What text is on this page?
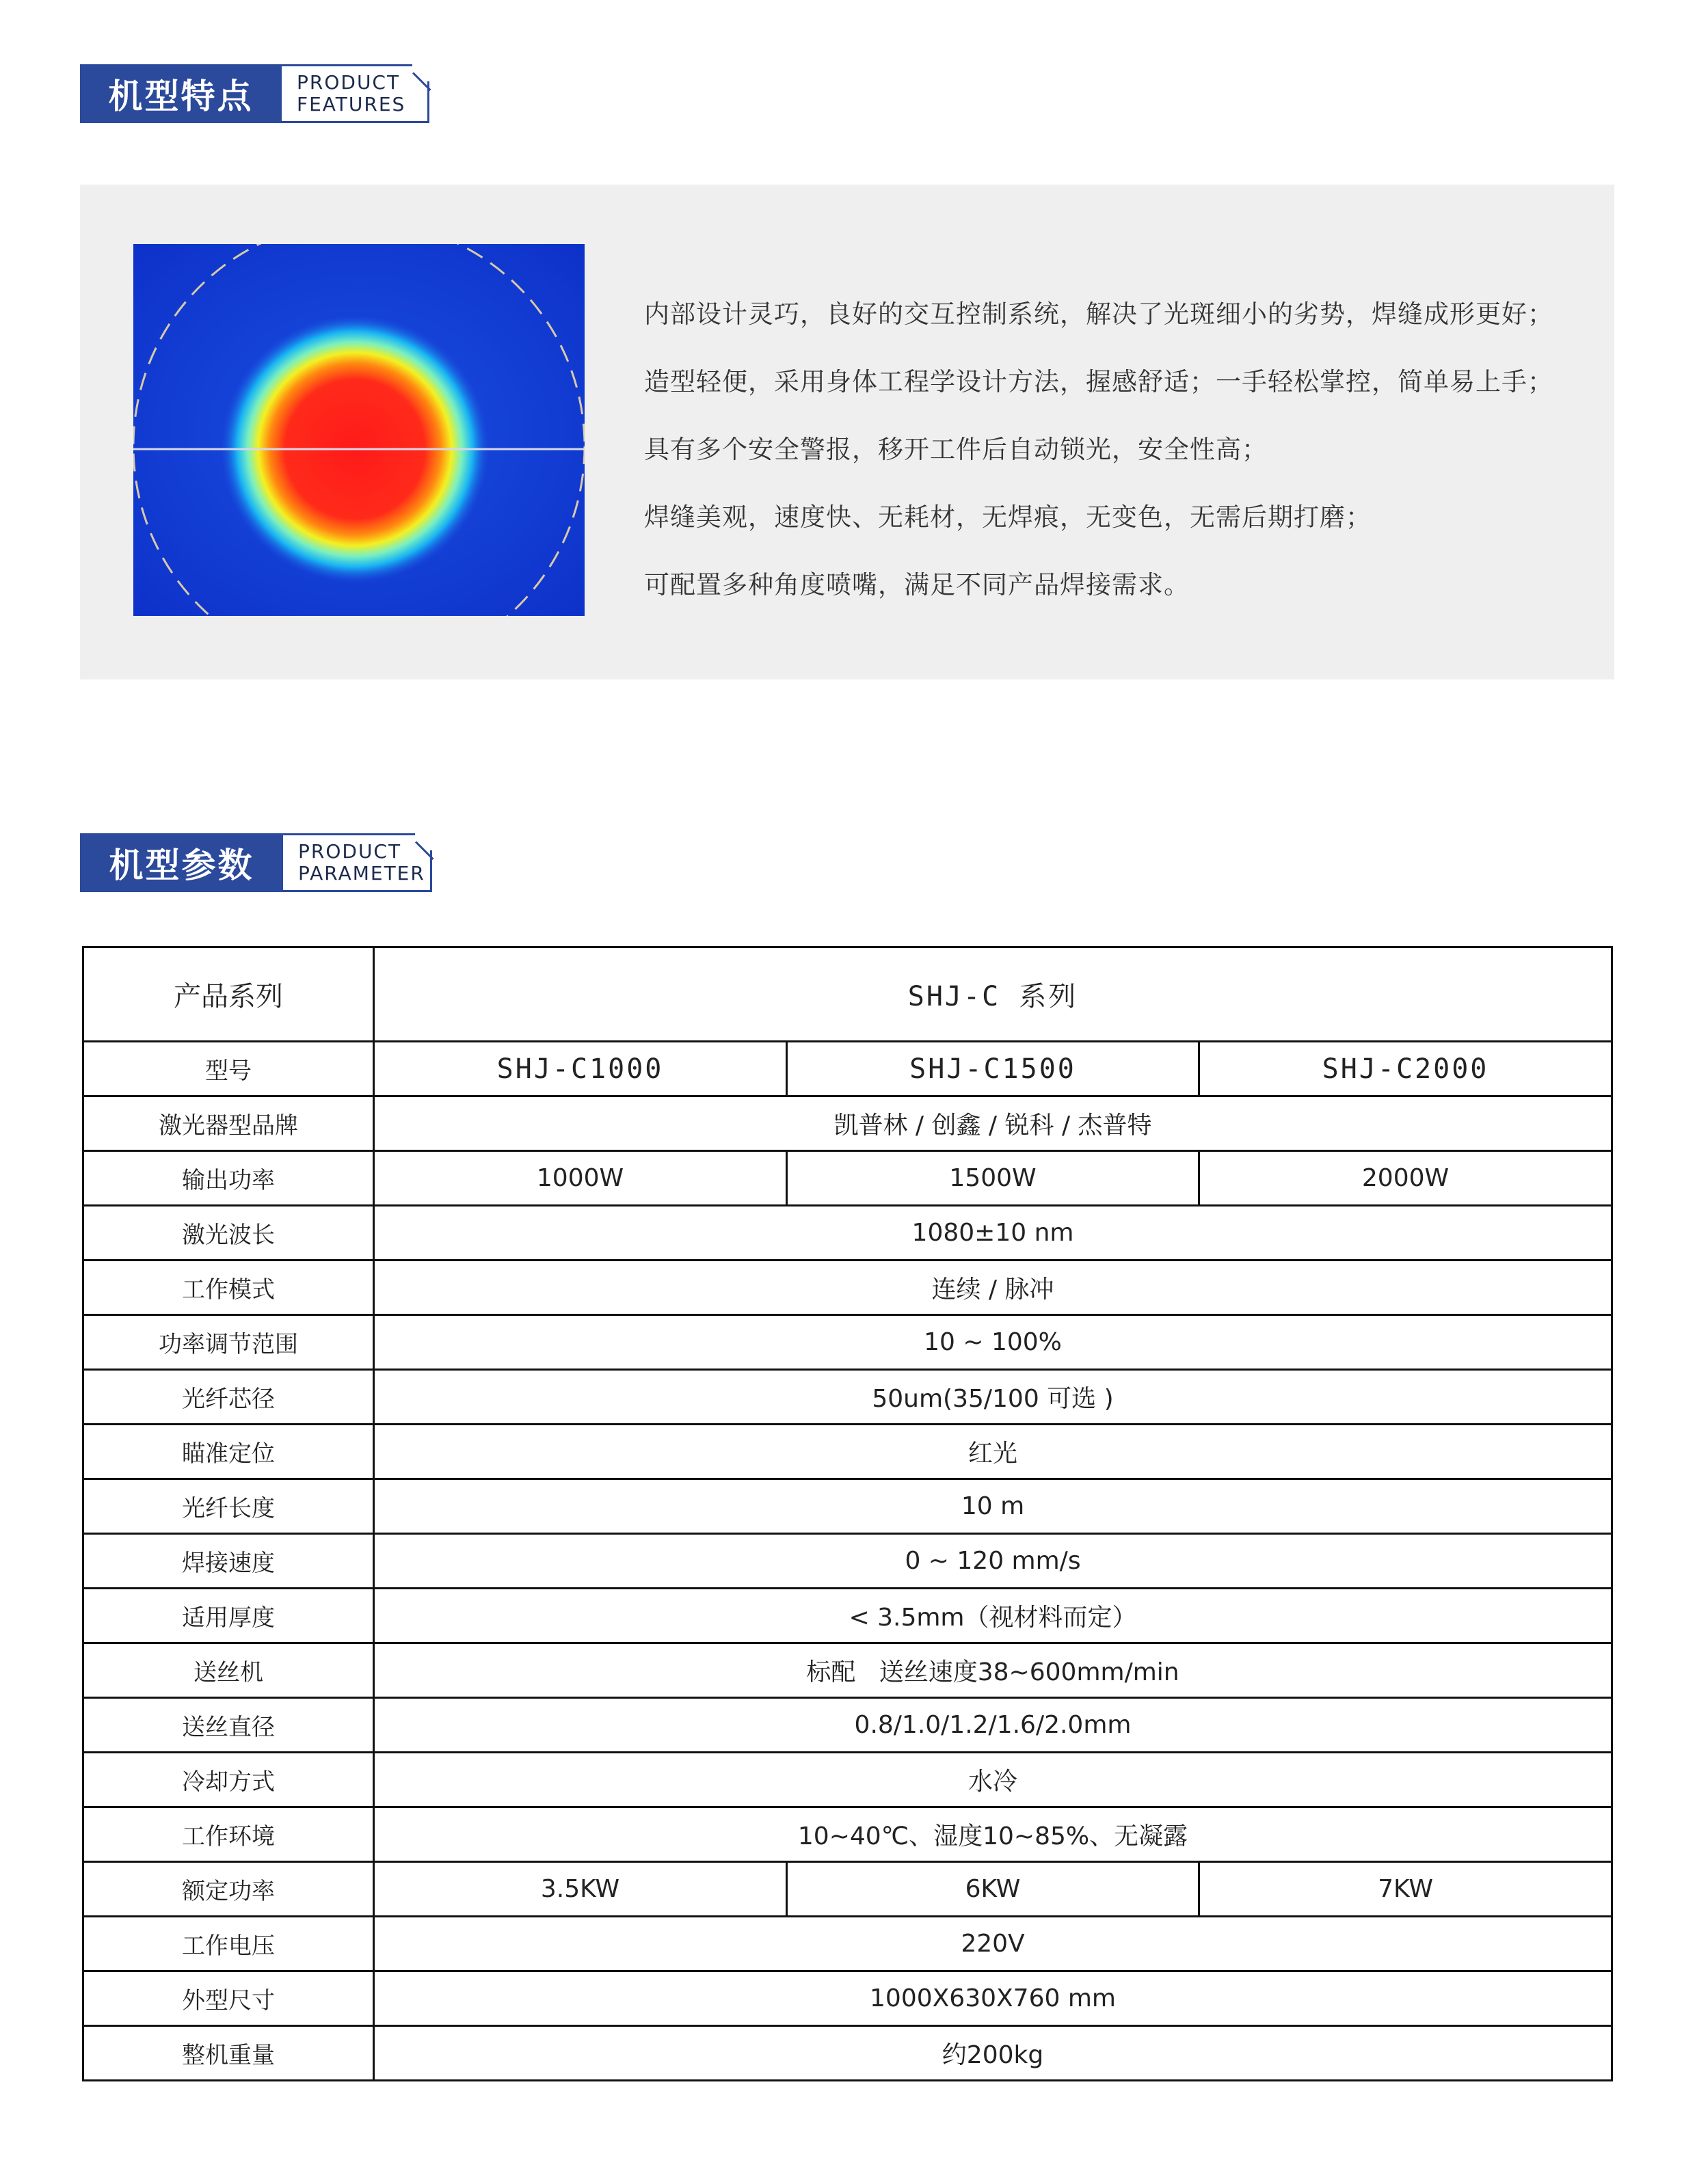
机型特点	PRODUCT
FEATURES
内部设计灵巧，良好的交互控制系统，解决了光斑细小的劣势，焊缝成形更好；
造型轻便，采用身体工程学设计方法，握感舒适；一手轻松掌控，简单易上手；
具有多个安全警报，移开工件后自动锁光，安全性高；
焊缝美观，速度快、无耗材，无焊痕，无变色，无需后期打磨；
可配置多种角度喷嘴，满足不同产品焊接需求。
机型参数	PRODUCT
PARAMETER
产品系列	SHJ-C 系列		
型号	SHJ-C1000	SHJ-C1500	SHJ-C2000
激光器型品牌	凯普林 / 创鑫 / 锐科 / 杰普特		
输出功率	1000W	1500W	2000W
激光波长	1080±10 nm		
工作模式	连续 / 脉冲		
功率调节范围	10 ~ 100%		
光纤芯径	50um(35/100 可选 )		
瞄准定位	红光		
光纤长度	10 m		
焊接速度	0 ~ 120 mm/s		
适用厚度	< 3.5mm（视材料而定）		
送丝机	标配   送丝速度38~600mm/min		
送丝直径	0.8/1.0/1.2/1.6/2.0mm		
冷却方式	水冷		
工作环境	10~40℃、湿度10~85%、无凝露		
额定功率	3.5KW	6KW	7KW
工作电压	220V		
外型尺寸	1000X630X760 mm		
整机重量	约200kg		
